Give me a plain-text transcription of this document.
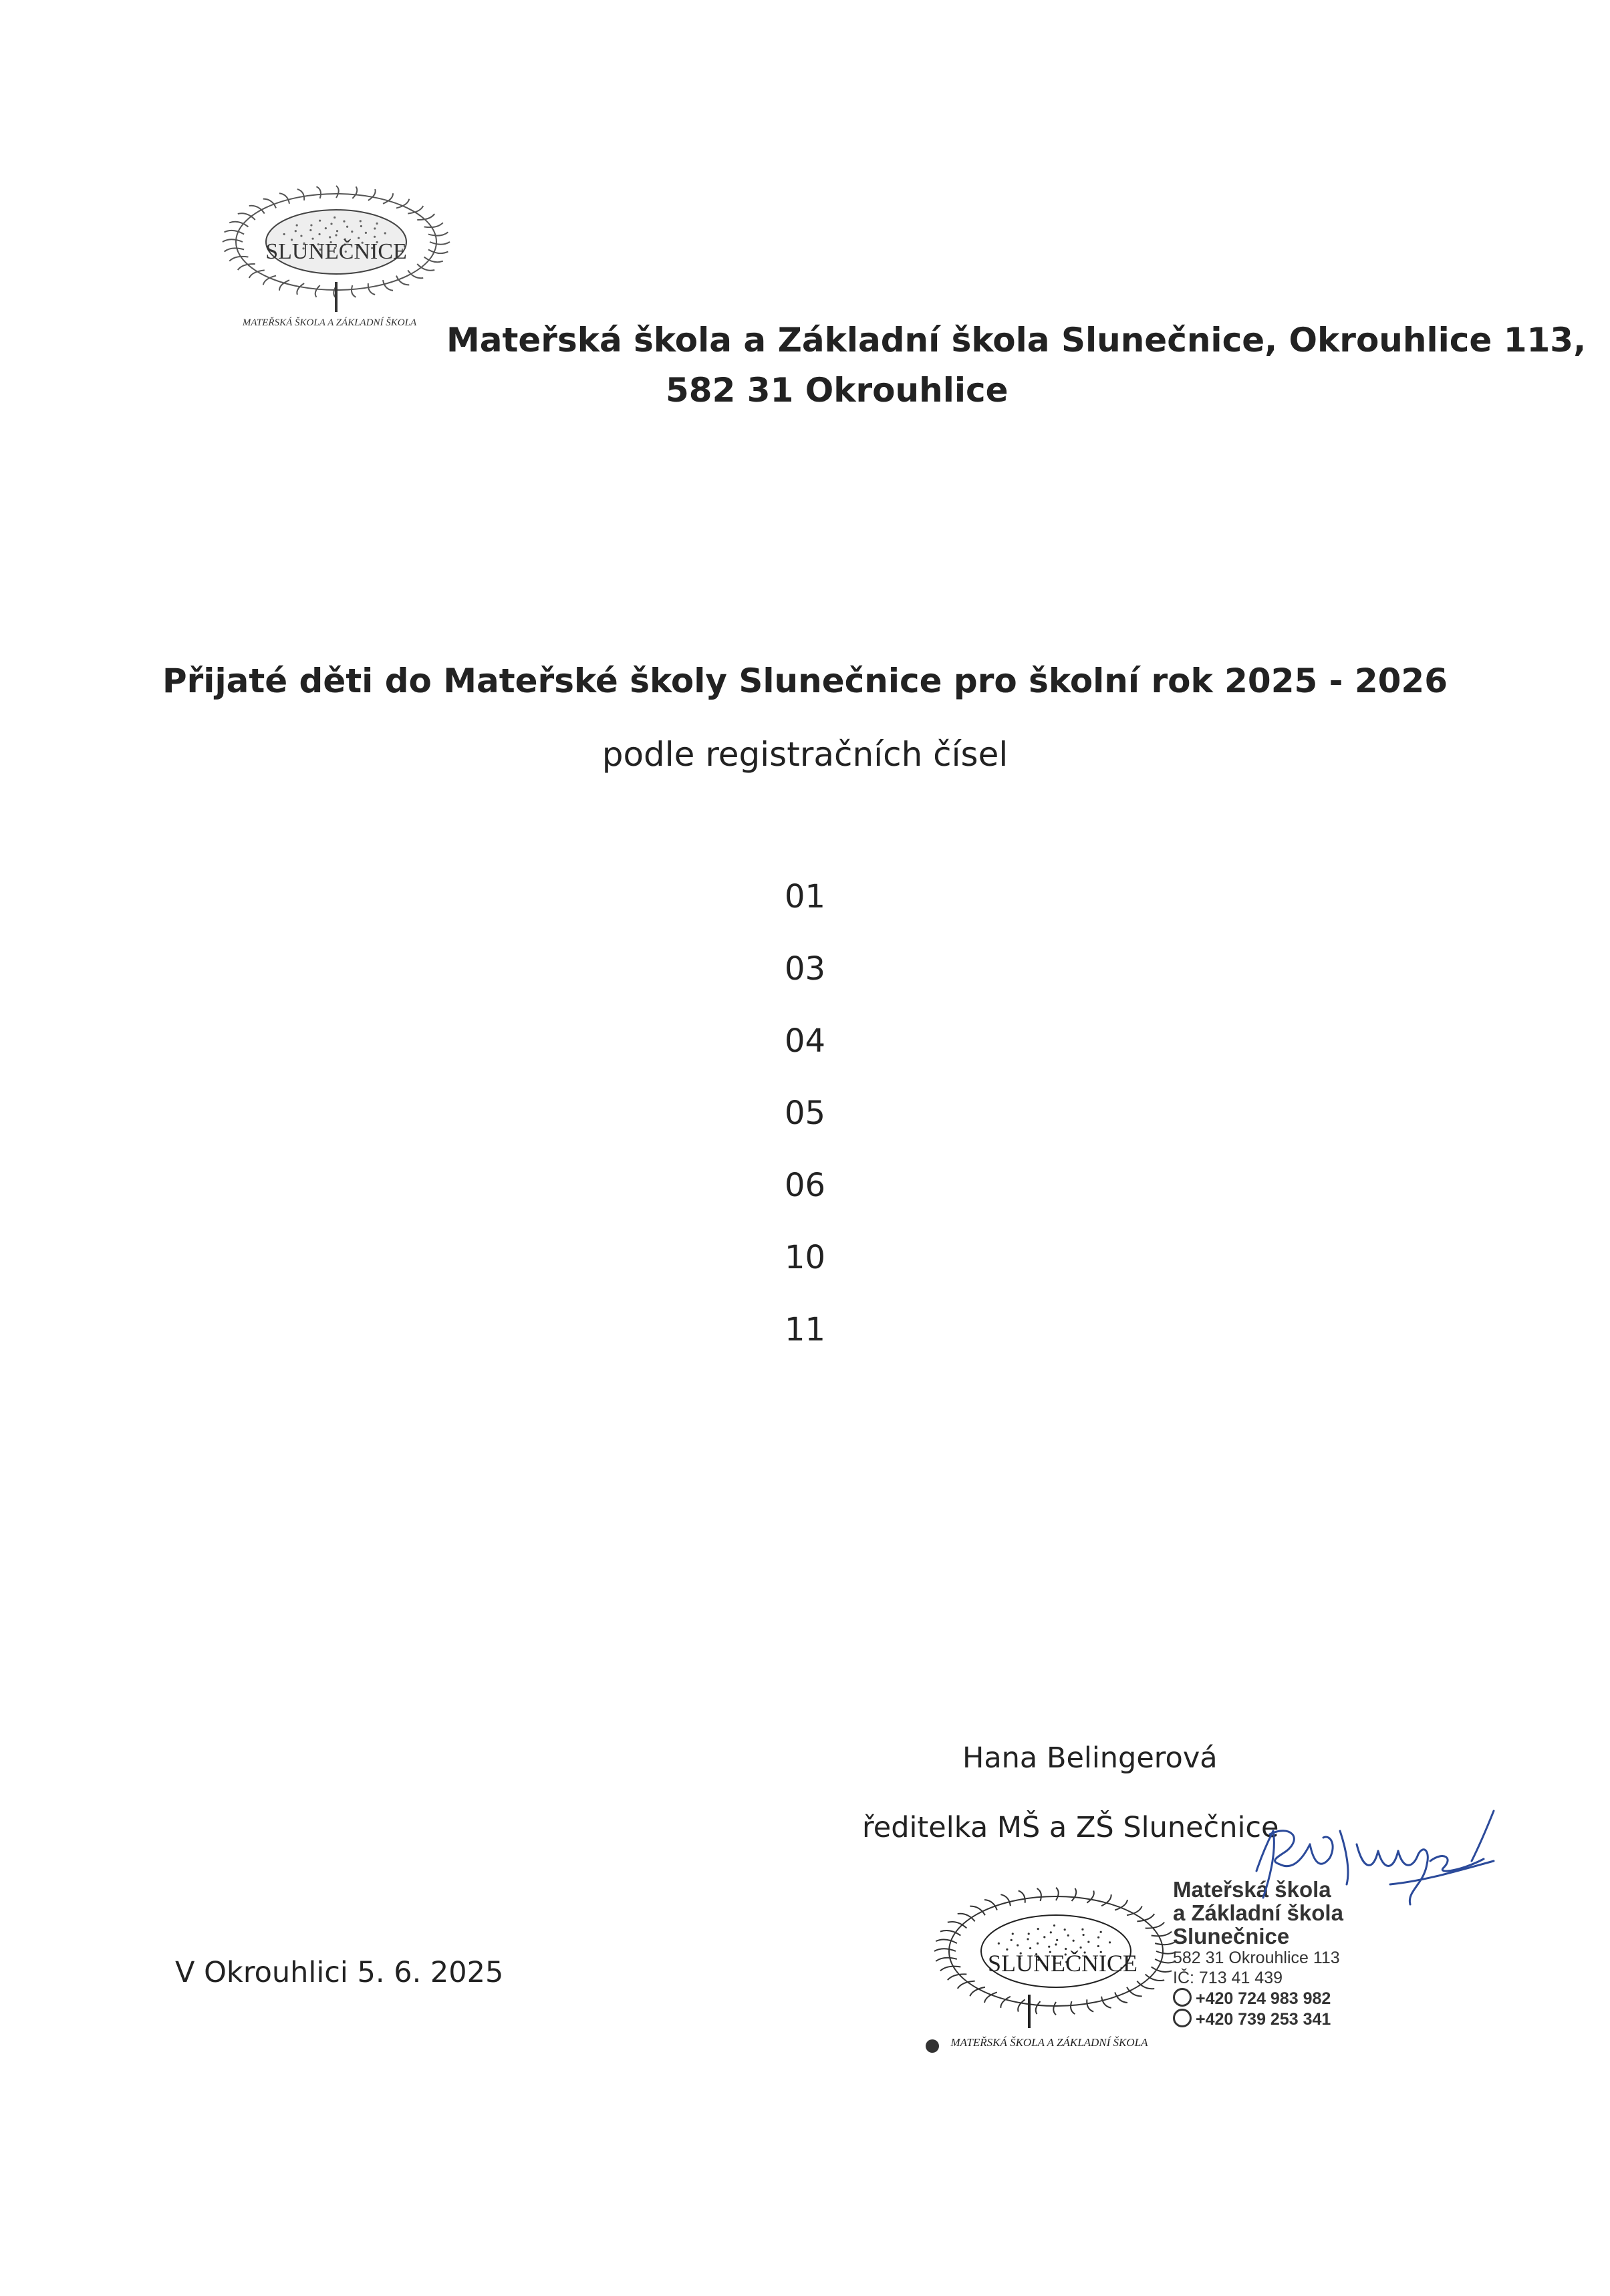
SLUNEČNICE
MATEŘSKÁ ŠKOLA A ZÁKLADNÍ ŠKOLA Mateřská škola a Základní škola Slunečnice, Okrouhlice 113,
582 31 Okrouhlice
Přijaté děti do Mateřské školy Slunečnice pro školní rok 2025 - 2026
podle registračních čísel
01
03
04
05
06
10
11
Hana Belingerová
ředitelka MŠ a ZŠ Slunečnice
V Okrouhlici 5. 6. 2025	SLUNEČNICE
MATEŘSKÁ ŠKOLA A ZÁKLADNÍ ŠKOLA
Mateřská škola
a Základní škola
Slunečnice
582 31 Okrouhlice 113
IČ: 713 41 439
+420 724 983 982
+420 739 253 341
